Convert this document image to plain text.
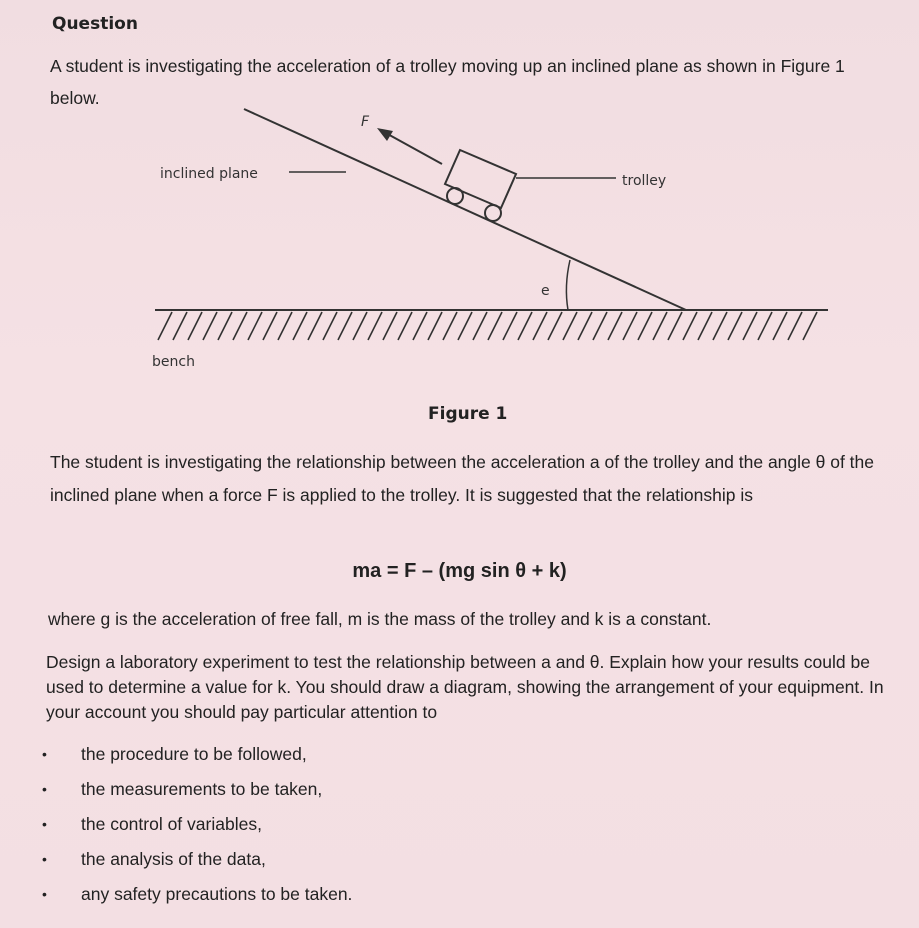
Question
A student is investigating the acceleration of a trolley moving up an inclined plane as shown in Figure 1 below.
F
inclined plane	trolley
e
bench
Figure 1
The student is investigating the relationship between the acceleration a of the trolley and the angle θ of the inclined plane when a force F is applied to the trolley. It is suggested that the relationship is
ma = F – (mg sin θ + k)
where g is the acceleration of free fall, m is the mass of the trolley and k is a constant.
Design a laboratory experiment to test the relationship between a and θ. Explain how your results could be used to determine a value for k. You should draw a diagram, showing the arrangement of your equipment. In your account you should pay particular attention to
• the procedure to be followed,
• the measurements to be taken,
• the control of variables,
• the analysis of the data,
• any safety precautions to be taken.
